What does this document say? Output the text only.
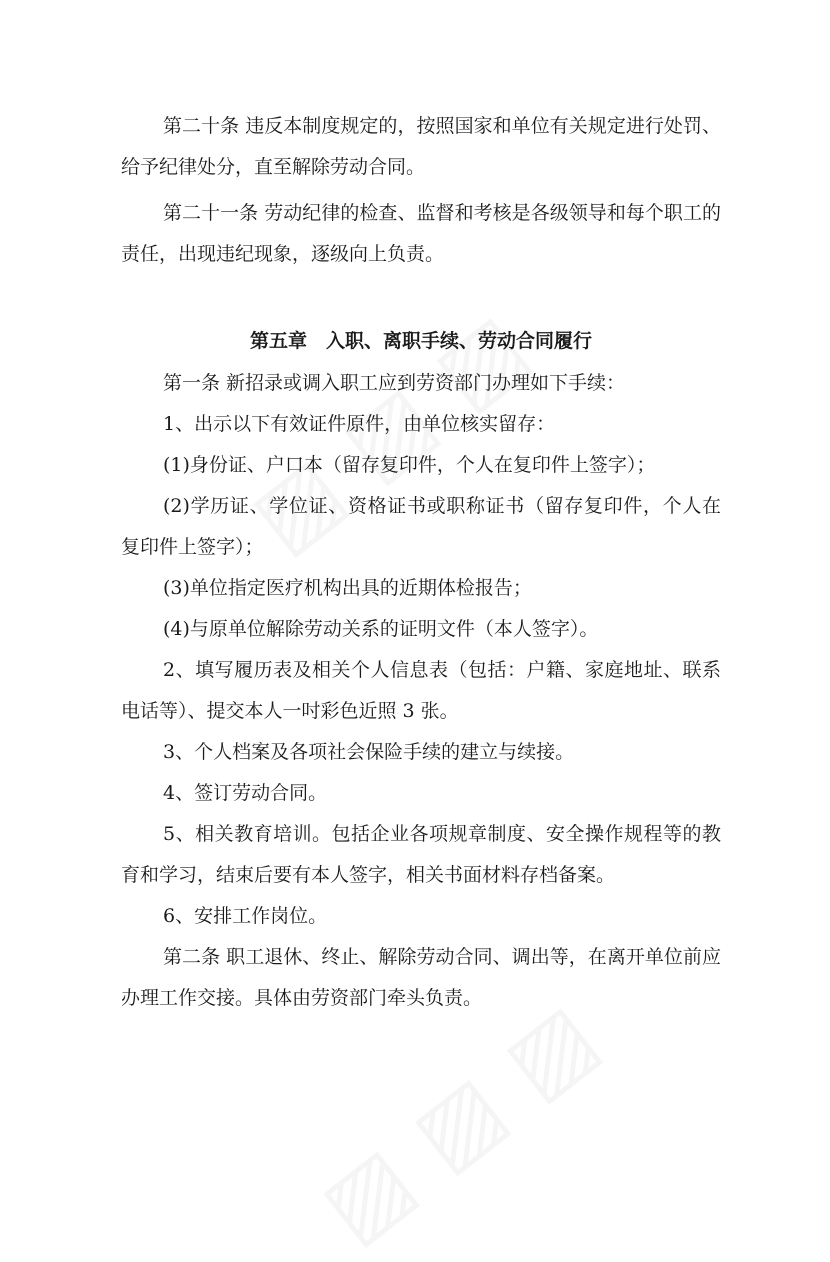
第二十条 违反本制度规定的，按照国家和单位有关规定进行处罚、给予纪律处分，直至解除劳动合同。

第二十一条 劳动纪律的检查、监督和考核是各级领导和每个职工的责任，出现违纪现象，逐级向上负责。

第五章　入职、离职手续、劳动合同履行

第一条 新招录或调入职工应到劳资部门办理如下手续：

1、出示以下有效证件原件，由单位核实留存：

(1)身份证、户口本（留存复印件，个人在复印件上签字）；

(2)学历证、学位证、资格证书或职称证书（留存复印件，个人在复印件上签字）；

(3)单位指定医疗机构出具的近期体检报告；

(4)与原单位解除劳动关系的证明文件（本人签字）。

2、填写履历表及相关个人信息表（包括：户籍、家庭地址、联系电话等）、提交本人一吋彩色近照 3 张。

3、个人档案及各项社会保险手续的建立与续接。

4、签订劳动合同。

5、相关教育培训。包括企业各项规章制度、安全操作规程等的教育和学习，结束后要有本人签字，相关书面材料存档备案。

6、安排工作岗位。

第二条 职工退休、终止、解除劳动合同、调出等，在离开单位前应办理工作交接。具体由劳资部门牵头负责。
